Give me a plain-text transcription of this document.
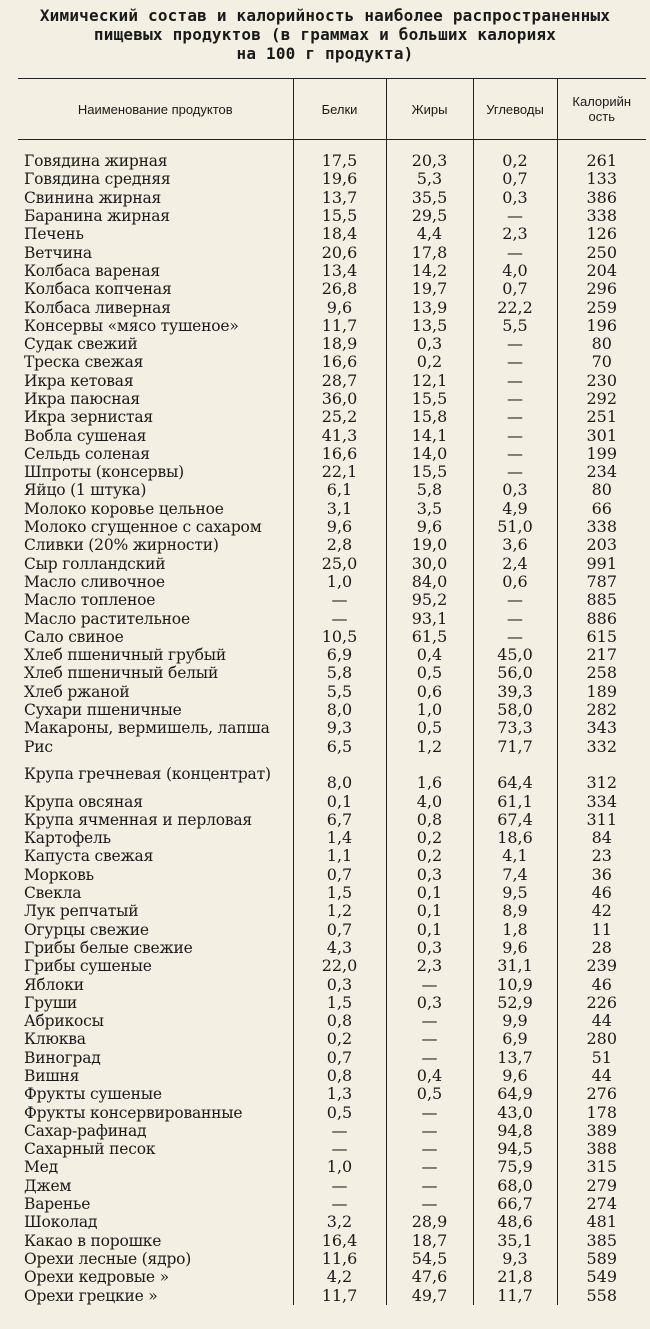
Химический состав и калорийность наиболее распространенных
пищевых продуктов (в граммах и больших калориях
на 100 г продукта)
Наименование продуктов	Белки	Жиры	Углеводы	Калорийность

Говядина жирная	17,5	20,3	0,2	261
Говядина средняя	19,6	5,3	0,7	133
Свинина жирная	13,7	35,5	0,3	386
Баранина жирная	15,5	29,5	—	338
Печень	18,4	4,4	2,3	126
Ветчина	20,6	17,8	—	250
Колбаса вареная	13,4	14,2	4,0	204
Колбаса копченая	26,8	19,7	0,7	296
Колбаса ливерная	9,6	13,9	22,2	259
Консервы «мясо тушеное»	11,7	13,5	5,5	196
Судак свежий	18,9	0,3	—	80
Треска свежая	16,6	0,2	—	70
Икра кетовая	28,7	12,1	—	230
Икра паюсная	36,0	15,5	—	292
Икра зернистая	25,2	15,8	—	251
Вобла сушеная	41,3	14,1	—	301
Сельдь соленая	16,6	14,0	—	199
Шпроты (консервы)	22,1	15,5	—	234
Яйцо (1 штука)	6,1	5,8	0,3	80
Молоко коровье цельное	3,1	3,5	4,9	66
Молоко сгущенное с сахаром	9,6	9,6	51,0	338
Сливки (20% жирности)	2,8	19,0	3,6	203
Сыр голландский	25,0	30,0	2,4	991
Масло сливочное	1,0	84,0	0,6	787
Масло топленое	—	95,2	—	885
Масло растительное	—	93,1	—	886
Сало свиное	10,5	61,5	—	615
Хлеб пшеничный грубый	6,9	0,4	45,0	217
Хлеб пшеничный белый	5,8	0,5	56,0	258
Хлеб ржаной	5,5	0,6	39,3	189
Сухари пшеничные	8,0	1,0	58,0	282
Макароны, вермишель, лапша	9,3	0,5	73,3	343
Рис	6,5	1,2	71,7	332
Крупа гречневая (концентрат)	8,0	1,6	64,4	312
Крупа овсяная	0,1	4,0	61,1	334
Крупа ячменная и перловая	6,7	0,8	67,4	311
Картофель	1,4	0,2	18,6	84
Капуста свежая	1,1	0,2	4,1	23
Морковь	0,7	0,3	7,4	36
Свекла	1,5	0,1	9,5	46
Лук репчатый	1,2	0,1	8,9	42
Огурцы свежие	0,7	0,1	1,8	11
Грибы белые свежие	4,3	0,3	9,6	28
Грибы сушеные	22,0	2,3	31,1	239
Яблоки	0,3	—	10,9	46
Груши	1,5	0,3	52,9	226
Абрикосы	0,8	—	9,9	44
Клюква	0,2	—	6,9	280
Виноград	0,7	—	13,7	51
Вишня	0,8	0,4	9,6	44
Фрукты сушеные	1,3	0,5	64,9	276
Фрукты консервированные	0,5	—	43,0	178
Сахар-рафинад	—	—	94,8	389
Сахарный песок	—	—	94,5	388
Мед	1,0	—	75,9	315
Джем	—	—	68,0	279
Варенье	—	—	66,7	274
Шоколад	3,2	28,9	48,6	481
Какао в порошке	16,4	18,7	35,1	385
Орехи лесные (ядро)	11,6	54,5	9,3	589
Орехи кедровые »	4,2	47,6	21,8	549
Орехи грецкие »	11,7	49,7	11,7	558
